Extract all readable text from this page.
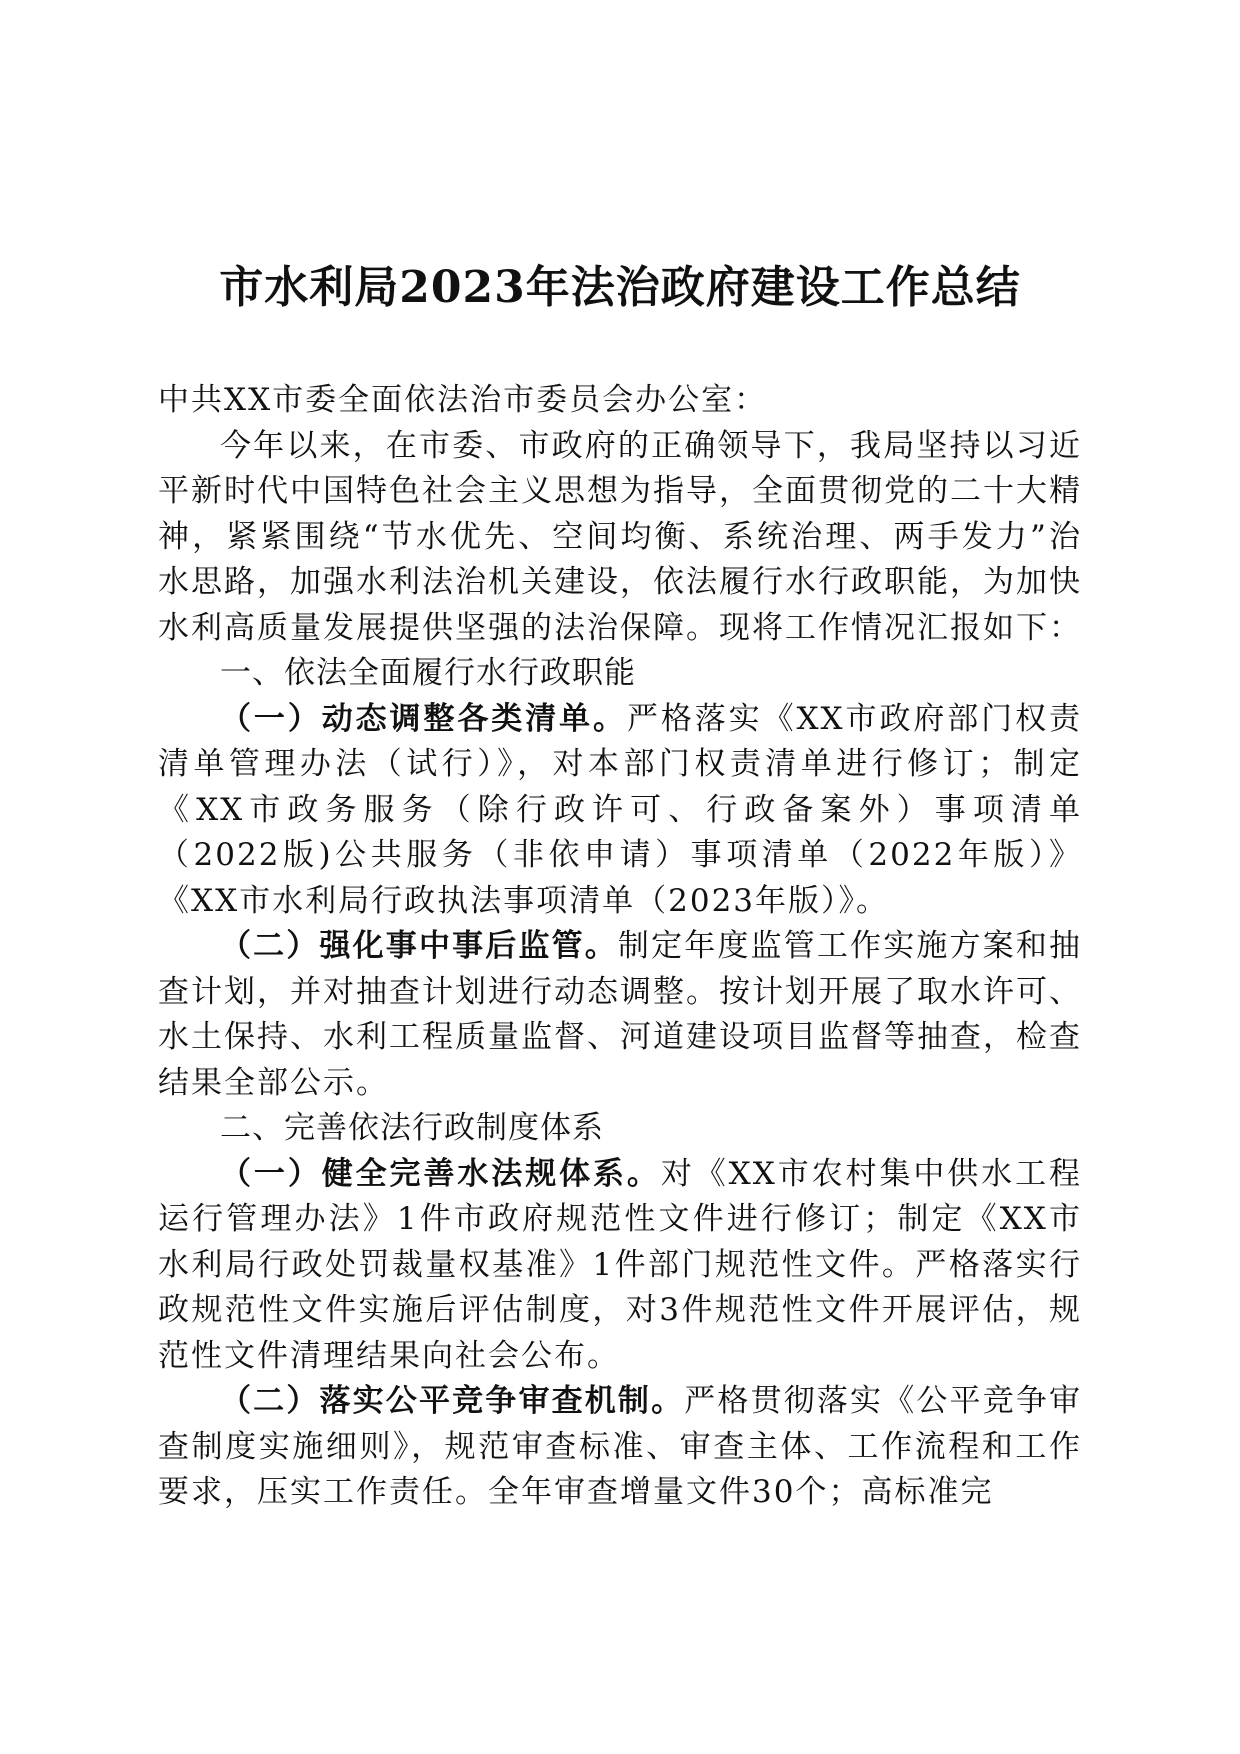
市水利局2023年法治政府建设工作总结

中共XX市委全面依法治市委员会办公室：

今年以来，在市委、市政府的正确领导下，我局坚持以习近平新时代中国特色社会主义思想为指导，全面贯彻党的二十大精神，紧紧围绕“节水优先、空间均衡、系统治理、两手发力”治水思路，加强水利法治机关建设，依法履行水行政职能，为加快水利高质量发展提供坚强的法治保障。现将工作情况汇报如下：

一、依法全面履行水行政职能

（一）动态调整各类清单。严格落实《XX市政府部门权责清单管理办法（试行）》，对本部门权责清单进行修订；制定《XX市政务服务（除行政许可、行政备案外）事项清单（2022版)公共服务（非依申请）事项清单（2022年版）》《XX市水利局行政执法事项清单（2023年版）》。

（二）强化事中事后监管。制定年度监管工作实施方案和抽查计划，并对抽查计划进行动态调整。按计划开展了取水许可、水土保持、水利工程质量监督、河道建设项目监督等抽查，检查结果全部公示。

二、完善依法行政制度体系

（一）健全完善水法规体系。对《XX市农村集中供水工程运行管理办法》1件市政府规范性文件进行修订；制定《XX市水利局行政处罚裁量权基准》1件部门规范性文件。严格落实行政规范性文件实施后评估制度，对3件规范性文件开展评估，规范性文件清理结果向社会公布。

（二）落实公平竞争审查机制。严格贯彻落实《公平竞争审查制度实施细则》，规范审查标准、审查主体、工作流程和工作要求，压实工作责任。全年审查增量文件30个；高标准完
